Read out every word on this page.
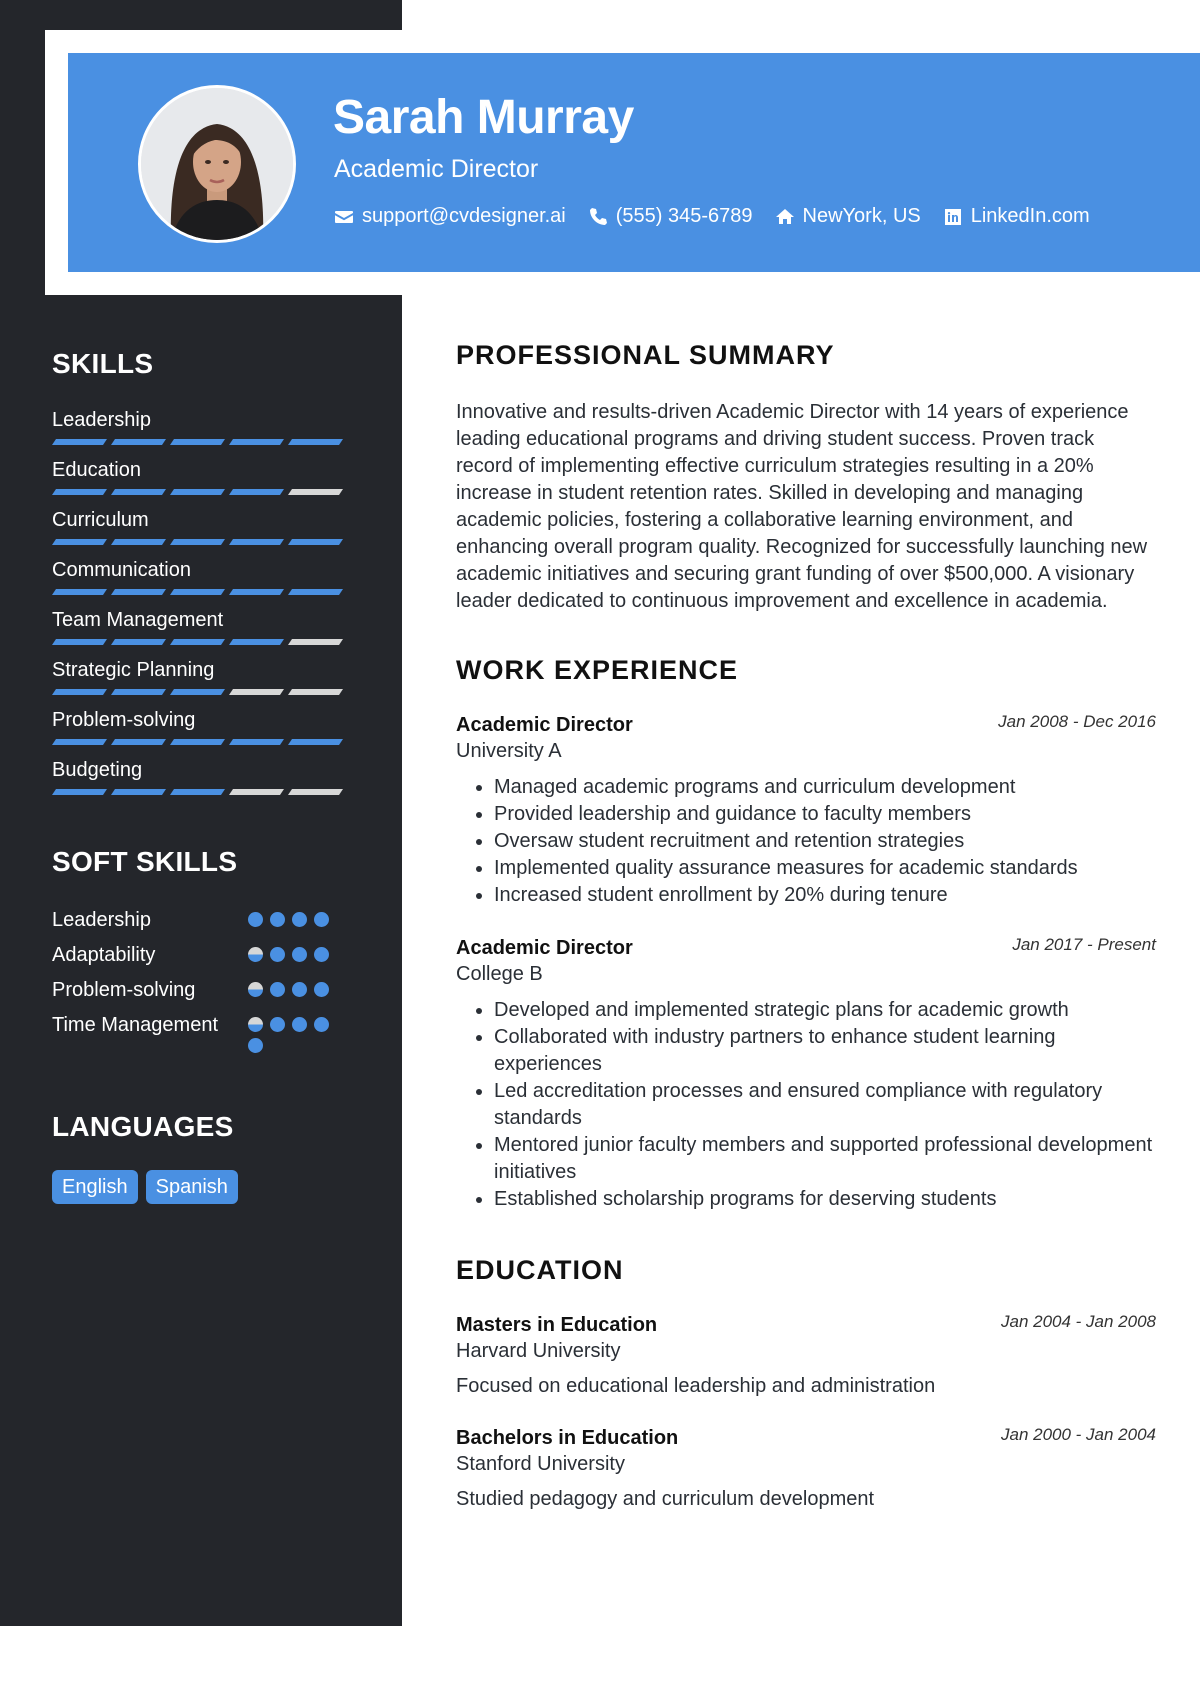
Sarah Murray
Academic Director
support@cvdesigner.ai	(555) 345-6789	NewYork, US	LinkedIn.com
SKILLS
Leadership
Education
Curriculum
Communication
Team Management
Strategic Planning
Problem-solving
Budgeting
SOFT SKILLS
Leadership
Adaptability
Problem-solving
Time Management
LANGUAGES
English	Spanish
PROFESSIONAL SUMMARY

Innovative and results-driven Academic Director with 14 years of experience leading educational programs and driving student success. Proven track record of implementing effective curriculum strategies resulting in a 20% increase in student retention rates. Skilled in developing and managing academic policies, fostering a collaborative learning environment, and enhancing overall program quality. Recognized for successfully launching new academic initiatives and securing grant funding of over $500,000. A visionary leader dedicated to continuous improvement and excellence in academia.

WORK EXPERIENCE
Academic Director
University A
Jan 2008 - Dec 2016
• Managed academic programs and curriculum development
• Provided leadership and guidance to faculty members
• Oversaw student recruitment and retention strategies
• Implemented quality assurance measures for academic standards
• Increased student enrollment by 20% during tenure
Academic Director
College B
Jan 2017 - Present
• Developed and implemented strategic plans for academic growth
• Collaborated with industry partners to enhance student learning experiences
• Led accreditation processes and ensured compliance with regulatory standards
• Mentored junior faculty members and supported professional development initiatives
• Established scholarship programs for deserving students
EDUCATION
Masters in Education
Harvard University
Jan 2004 - Jan 2008
Focused on educational leadership and administration
Bachelors in Education
Stanford University
Jan 2000 - Jan 2004
Studied pedagogy and curriculum development
